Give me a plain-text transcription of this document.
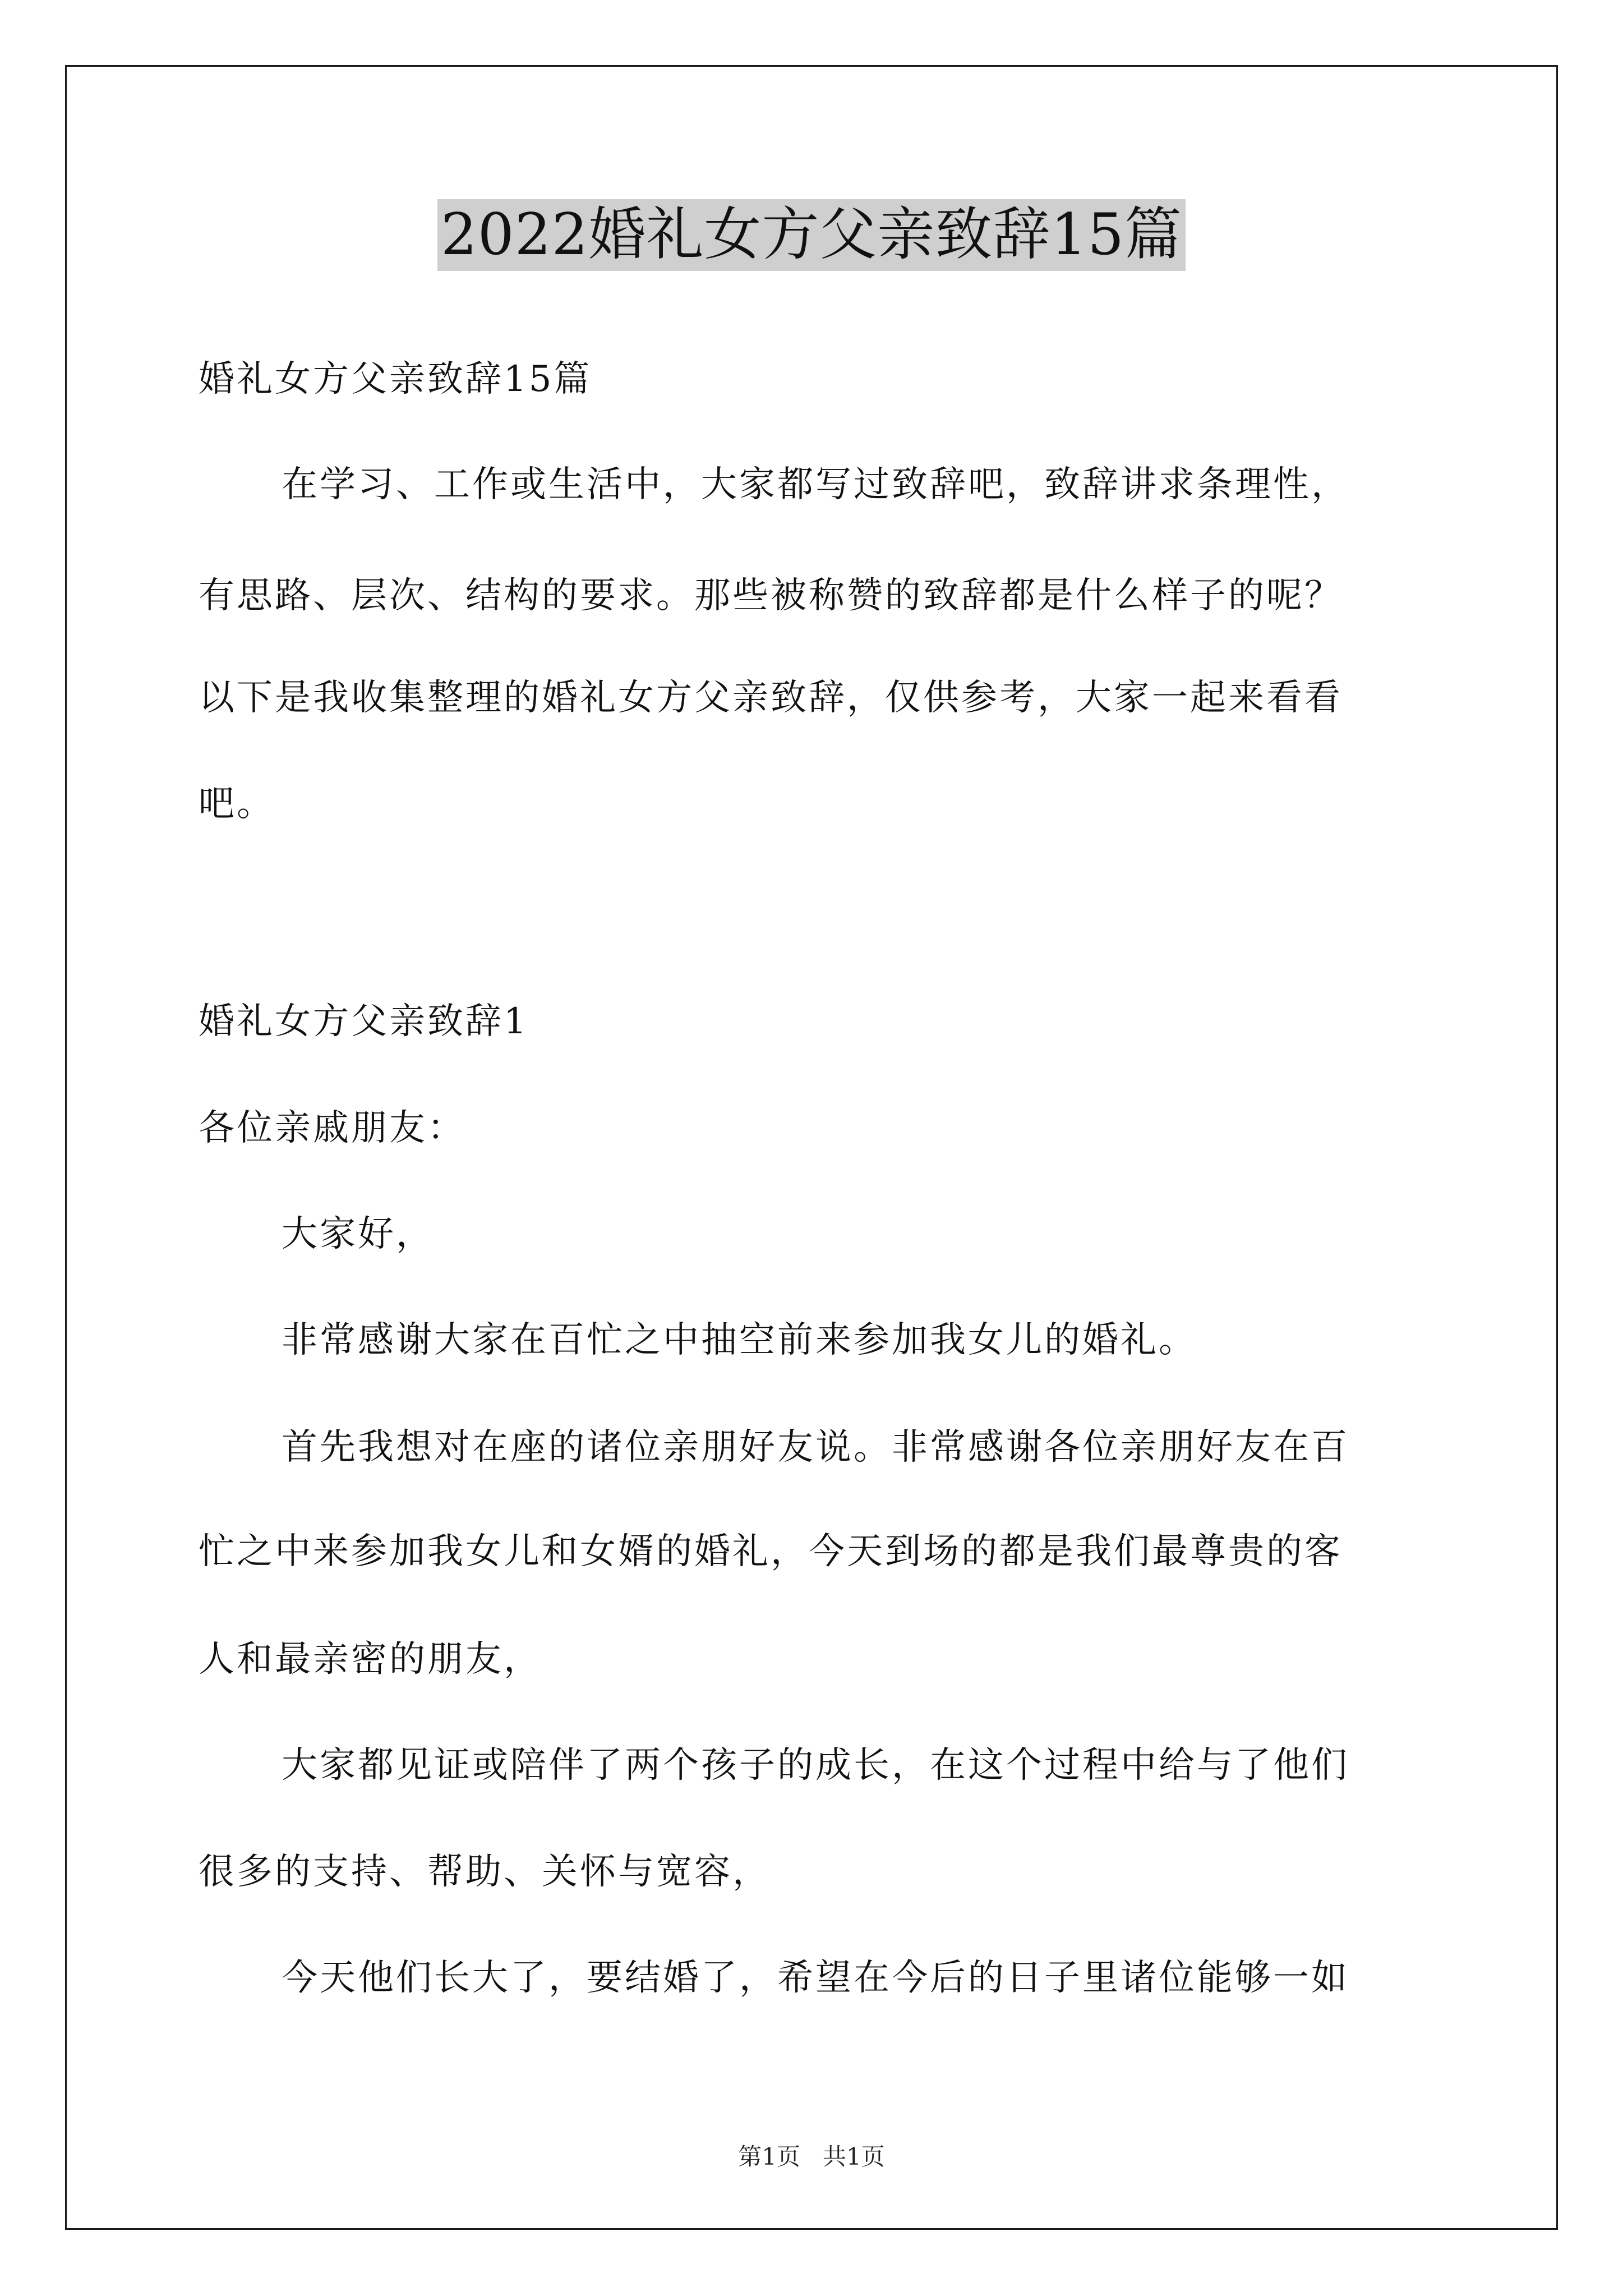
2022婚礼女方父亲致辞15篇
婚礼女方父亲致辞15篇
在学习、工作或生活中，大家都写过致辞吧，致辞讲求条理性，
有思路、层次、结构的要求。那些被称赞的致辞都是什么样子的呢？
以下是我收集整理的婚礼女方父亲致辞，仅供参考，大家一起来看看
吧。
婚礼女方父亲致辞1
各位亲戚朋友：
大家好，
非常感谢大家在百忙之中抽空前来参加我女儿的婚礼。
首先我想对在座的诸位亲朋好友说。非常感谢各位亲朋好友在百
忙之中来参加我女儿和女婿的婚礼，今天到场的都是我们最尊贵的客
人和最亲密的朋友，
大家都见证或陪伴了两个孩子的成长，在这个过程中给与了他们
很多的支持、帮助、关怀与宽容，
今天他们长大了，要结婚了，希望在今后的日子里诸位能够一如
第1页   共1页
